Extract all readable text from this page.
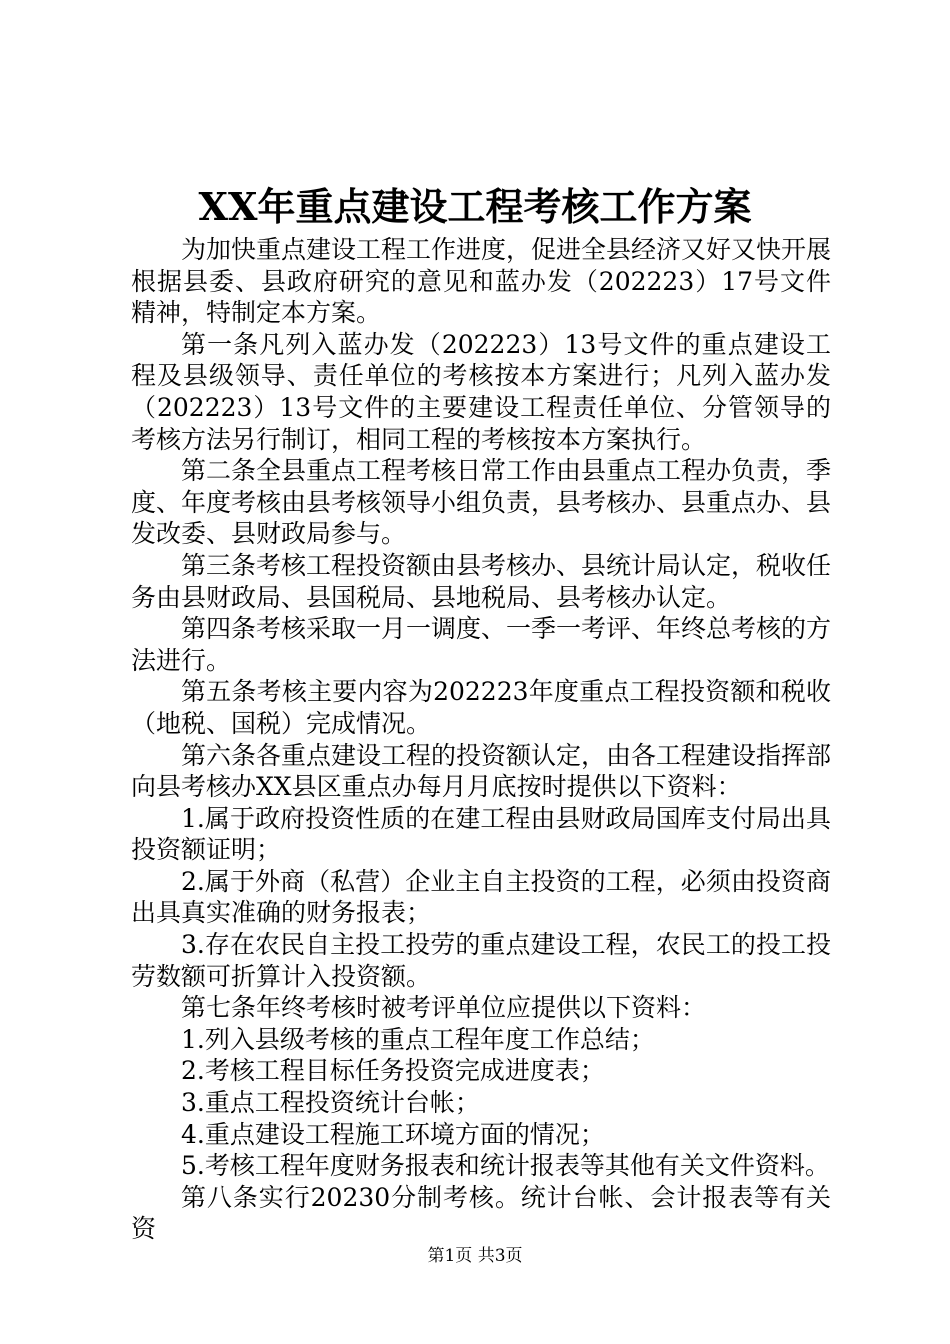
XX年重点建设工程考核工作方案

为加快重点建设工程工作进度，促进全县经济又好又快开展根据县委、县政府研究的意见和蓝办发（202223）17号文件精神，特制定本方案。

第一条凡列入蓝办发（202223）13号文件的重点建设工程及县级领导、责任单位的考核按本方案进行；凡列入蓝办发（202223）13号文件的主要建设工程责任单位、分管领导的考核方法另行制订，相同工程的考核按本方案执行。

第二条全县重点工程考核日常工作由县重点工程办负责，季度、年度考核由县考核领导小组负责，县考核办、县重点办、县发改委、县财政局参与。

第三条考核工程投资额由县考核办、县统计局认定，税收任务由县财政局、县国税局、县地税局、县考核办认定。

第四条考核采取一月一调度、一季一考评、年终总考核的方法进行。

第五条考核主要内容为202223年度重点工程投资额和税收（地税、国税）完成情况。

第六条各重点建设工程的投资额认定，由各工程建设指挥部向县考核办XX县区重点办每月月底按时提供以下资料：

1.属于政府投资性质的在建工程由县财政局国库支付局出具投资额证明；

2.属于外商（私营）企业主自主投资的工程，必须由投资商出具真实准确的财务报表；

3.存在农民自主投工投劳的重点建设工程，农民工的投工投劳数额可折算计入投资额。

第七条年终考核时被考评单位应提供以下资料：

1.列入县级考核的重点工程年度工作总结；

2.考核工程目标任务投资完成进度表；

3.重点工程投资统计台帐；

4.重点建设工程施工环境方面的情况；

5.考核工程年度财务报表和统计报表等其他有关文件资料。

第八条实行20230分制考核。统计台帐、会计报表等有关资

第1页 共3页
